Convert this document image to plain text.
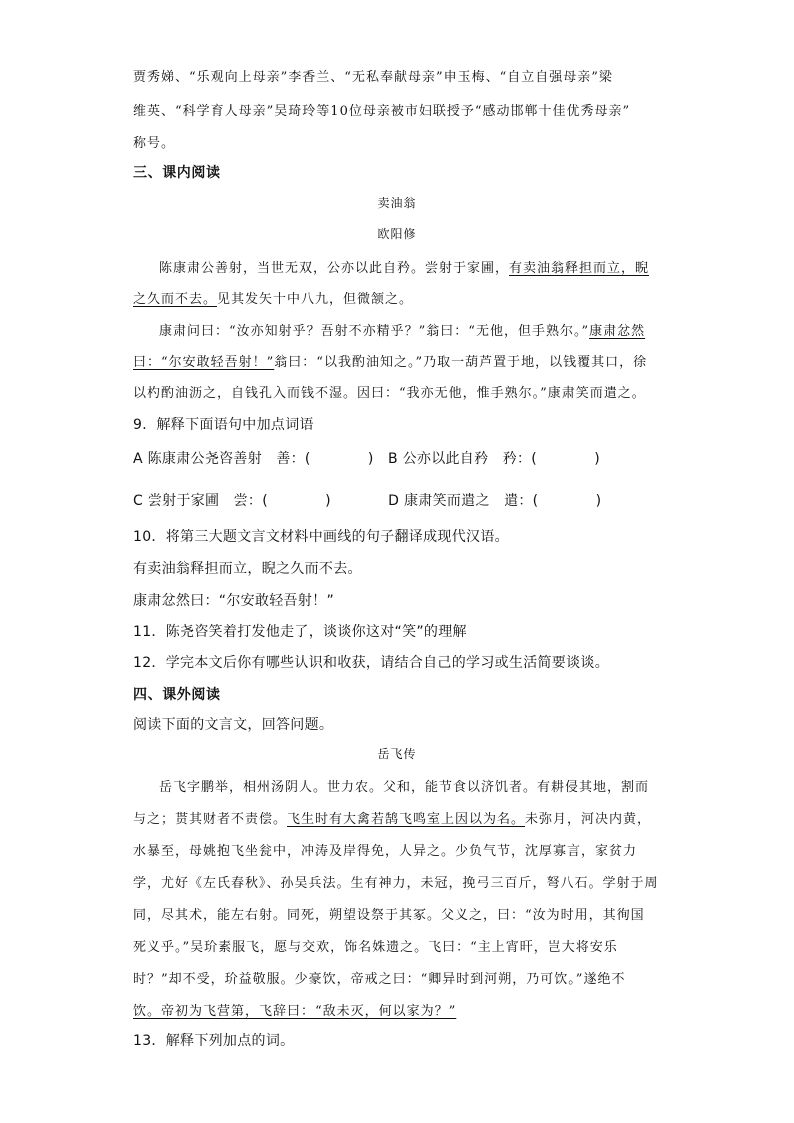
贾秀娣、“乐观向上母亲”李香兰、“无私奉献母亲”申玉梅、“自立自强母亲”梁
维英、“科学育人母亲”吴琦玲等10位母亲被市妇联授予“感动邯郸十佳优秀母亲”
称号。
三、课内阅读
卖油翁
欧阳修
陈康肃公善射，当世无双，公亦以此自矜。尝射于家圃，有卖油翁释担而立，睨
之久而不去。见其发矢十中八九，但微颔之。
康肃问曰：“汝亦知射乎？吾射不亦精乎？”翁曰：“无他，但手熟尔。”康肃忿然
曰：“尔安敢轻吾射！”翁曰：“以我酌油知之。”乃取一葫芦置于地，以钱覆其口，徐
以杓酌油沥之，自钱孔入而钱不湿。因曰：“我亦无他，惟手熟尔。”康肃笑而遣之。
9．解释下面语句中加点词语
A 陈康肃公尧咨善射　善：(　　　　)　B 公亦以此自矜　矜：(　　　　)
C 尝射于家圃　尝：(　　　　)　　　　D 康肃笑而遣之　遣：(　　　　)
10．将第三大题文言文材料中画线的句子翻译成现代汉语。
有卖油翁释担而立，睨之久而不去。
康肃忿然曰：“尔安敢轻吾射！”
11．陈尧咨笑着打发他走了，谈谈你这对“笑”的理解
12．学完本文后你有哪些认识和收获，请结合自己的学习或生活简要谈谈。
四、课外阅读
阅读下面的文言文，回答问题。
岳飞传
岳飞字鹏举，相州汤阴人。世力农。父和，能节食以济饥者。有耕侵其地，割而
与之；贳其财者不责偿。飞生时有大禽若鹄飞鸣室上因以为名。未弥月，河决内黄，
水暴至，母姚抱飞坐瓮中，冲涛及岸得免，人异之。少负气节，沈厚寡言，家贫力
学，尤好《左氏春秋》、孙吴兵法。生有神力，未冠，挽弓三百斤，弩八石。学射于周
同，尽其术，能左右射。同死，朔望设祭于其冢。父义之，曰：“汝为时用，其徇国
死义乎。”吴玠素服飞，愿与交欢，饰名姝遗之。飞曰：“主上宵旰，岂大将安乐
时？”却不受，玠益敬服。少豪饮，帝戒之曰：“卿异时到河朔，乃可饮。”遂绝不
饮。帝初为飞营第，飞辞曰：“敌未灭，何以家为？”
13．解释下列加点的词。
